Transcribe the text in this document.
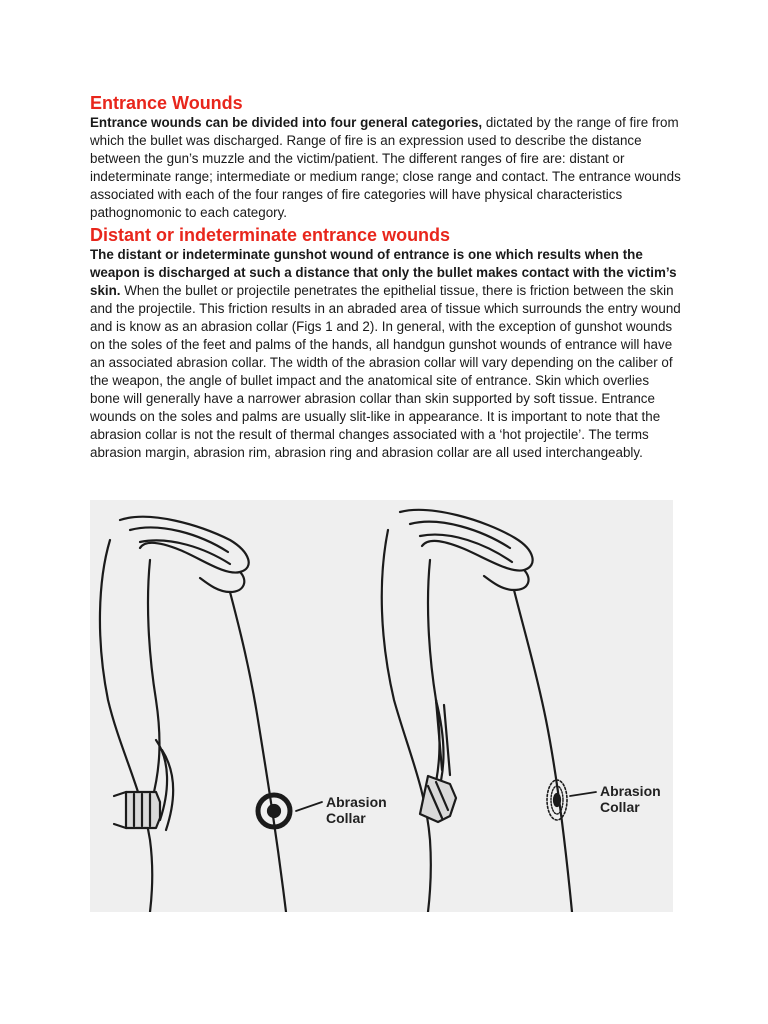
Entrance Wounds

Entrance wounds can be divided into four general categories, dictated by the range of fire from which the bullet was discharged. Range of fire is an expression used to describe the distance between the gun’s muzzle and the victim/patient. The different ranges of fire are: distant or indeterminate range; intermediate or medium range; close range and contact. The entrance wounds associated with each of the four ranges of fire categories will have physical characteristics pathognomonic to each category.

Distant or indeterminate entrance wounds

The distant or indeterminate gunshot wound of entrance is one which results when the weapon is discharged at such a distance that only the bullet makes contact with the victim’s skin. When the bullet or projectile penetrates the epithelial tissue, there is friction between the skin and the projectile. This friction results in an abraded area of tissue which surrounds the entry wound and is know as an abrasion collar (Figs 1 and 2). In general, with the exception of gunshot wounds on the soles of the feet and palms of the hands, all handgun gunshot wounds of entrance will have an associated abrasion collar. The width of the abrasion collar will vary depending on the caliber of the weapon, the angle of bullet impact and the anatomical site of entrance. Skin which overlies bone will generally have a narrower abrasion collar than skin supported by soft tissue. Entrance wounds on the soles and palms are usually slit-like in appearance. It is important to note that the abrasion collar is not the result of thermal changes associated with a ‘hot projectile’. The terms abrasion margin, abrasion rim, abrasion ring and abrasion collar are all used interchangeably.

Abrasion
Collar
Abrasion
Collar
